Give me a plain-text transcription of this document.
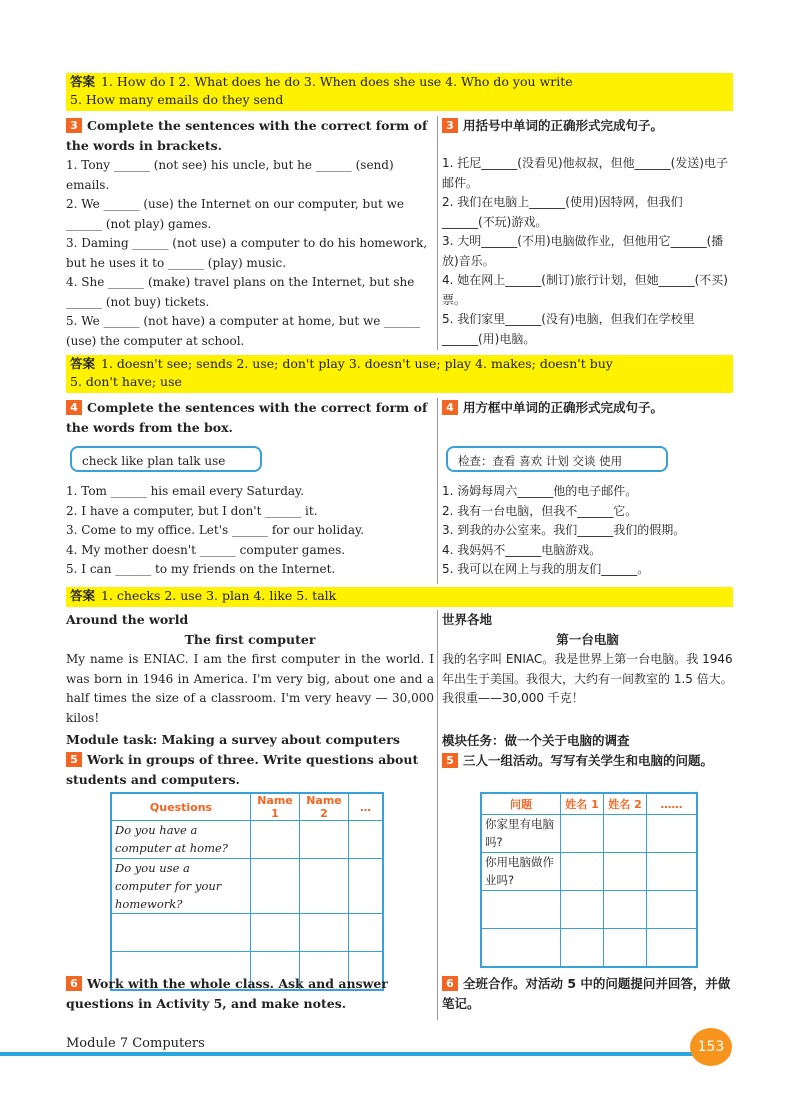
答案 1. How do I 2. What does he do 3. When does she use 4. Who do you write
5. How many emails do they send
3 Complete the sentences with the correct form of the words in brackets.
1. Tony ______ (not see) his uncle, but he ______ (send) emails.
2. We ______ (use) the Internet on our computer, but we ______ (not play) games.
3. Daming ______ (not use) a computer to do his homework, but he uses it to ______ (play) music.
4. She ______ (make) travel plans on the Internet, but she ______ (not buy) tickets.
5. We ______ (not have) a computer at home, but we ______ (use) the computer at school.
3 用括号中单词的正确形式完成句子。
1. 托尼______(没看见)他叔叔，但他______(发送)电子邮件。
2. 我们在电脑上______(使用)因特网，但我们______(不玩)游戏。
3. 大明______(不用)电脑做作业，但他用它______(播放)音乐。
4. 她在网上______(制订)旅行计划，但她______(不买)票。
5. 我们家里______(没有)电脑，但我们在学校里______(用)电脑。
答案 1. doesn't see; sends 2. use; don't play 3. doesn't use; play 4. makes; doesn't buy
5. don't have; use
4 Complete the sentences with the correct form of the words from the box.
check like plan talk use
1. Tom ______ his email every Saturday.
2. I have a computer, but I don't ______ it.
3. Come to my office. Let's ______ for our holiday.
4. My mother doesn't ______ computer games.
5. I can ______ to my friends on the Internet.
4 用方框中单词的正确形式完成句子。
检查：查看 喜欢 计划 交谈 使用
1. 汤姆每周六______他的电子邮件。
2. 我有一台电脑，但我不______它。
3. 到我的办公室来。我们______我们的假期。
4. 我妈妈不______电脑游戏。
5. 我可以在网上与我的朋友们______。
答案 1. checks 2. use 3. plan 4. like 5. talk
Around the world
The first computer
My name is ENIAC. I am the first computer in the world. I was born in 1946 in America. I'm very big, about one and a half times the size of a classroom. I'm very heavy — 30,000 kilos!
Module task: Making a survey about computers
5 Work in groups of three. Write questions about students and computers.
Questions	Name 1	Name 2	…
Do you have a computer at home?			
Do you use a computer for your homework?			

6 Work with the whole class. Ask and answer questions in Activity 5, and make notes.
世界各地
第一台电脑
我的名字叫 ENIAC。我是世界上第一台电脑。我 1946 年出生于美国。我很大，大约有一间教室的 1.5 倍大。我很重——30,000 千克！
模块任务：做一个关于电脑的调查
5 三人一组活动。写写有关学生和电脑的问题。
问题	姓名 1	姓名 2	……
你家里有电脑吗?			
你用电脑做作业吗?			

6 全班合作。对活动 5 中的问题提问并回答，并做笔记。
Module 7 Computers	153
